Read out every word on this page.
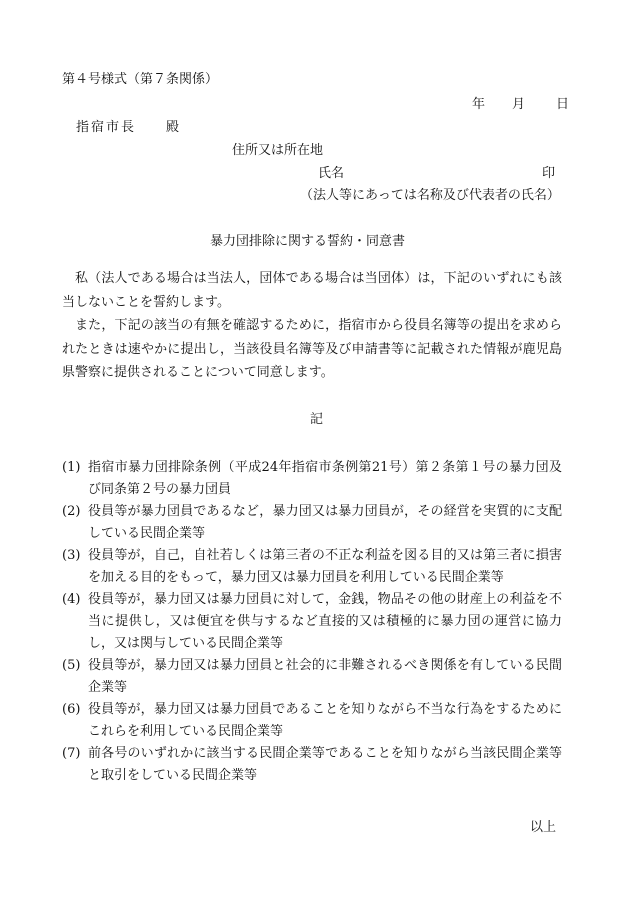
第４号様式（第７条関係）
年 月 日
指宿市長 殿
住所又は所在地
氏名	印
（法人等にあっては名称及び代表者の氏名）
暴力団排除に関する誓約・同意書

私（法人である場合は当法人，団体である場合は当団体）は，下記のいずれにも該当しないことを誓約します。

また，下記の該当の有無を確認するために，指宿市から役員名簿等の提出を求められたときは速やかに提出し，当該役員名簿等及び申請書等に記載された情報が鹿児島県警察に提供されることについて同意します。

記
(1) 指宿市暴力団排除条例（平成24年指宿市条例第21号）第２条第１号の暴力団及び同条第２号の暴力団員
(2) 役員等が暴力団員であるなど，暴力団又は暴力団員が，その経営を実質的に支配している民間企業等
(3) 役員等が，自己，自社若しくは第三者の不正な利益を図る目的又は第三者に損害を加える目的をもって，暴力団又は暴力団員を利用している民間企業等
(4) 役員等が，暴力団又は暴力団員に対して，金銭，物品その他の財産上の利益を不当に提供し，又は便宜を供与するなど直接的又は積極的に暴力団の運営に協力し，又は関与している民間企業等
(5) 役員等が，暴力団又は暴力団員と社会的に非難されるべき関係を有している民間企業等
(6) 役員等が，暴力団又は暴力団員であることを知りながら不当な行為をするためにこれらを利用している民間企業等
(7) 前各号のいずれかに該当する民間企業等であることを知りながら当該民間企業等と取引をしている民間企業等
以上
